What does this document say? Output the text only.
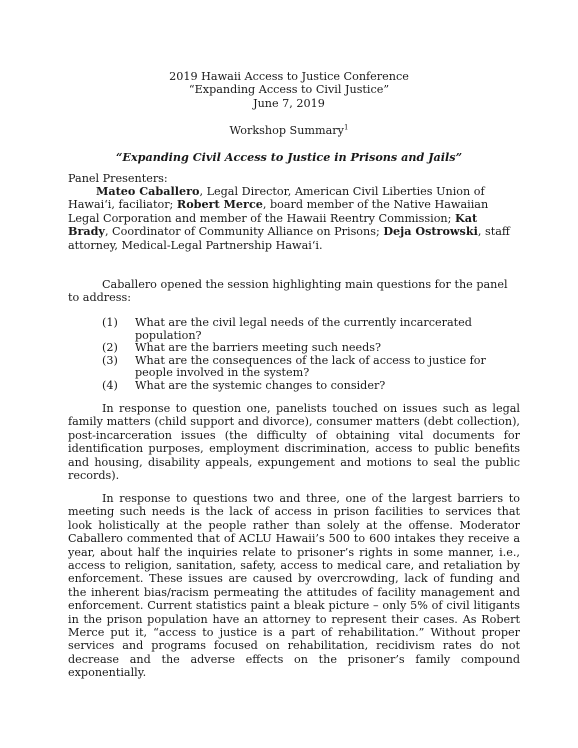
2019 Hawaii Access to Justice Conference
“Expanding Access to Civil Justice”
June 7, 2019
Workshop Summary$^1$
“Expanding Civil Access to Justice in Prisons and Jails”
Panel Presenters:
Mateo Caballero, Legal Director, American Civil Liberties Union of Hawaiʻi, faciliator; Robert Merce, board member of the Native Hawaiian Legal Corporation and member of the Hawaii Reentry Commission; Kat Brady, Coordinator of Community Alliance on Prisons; Deja Ostrowski, staff attorney, Medical-Legal Partnership Hawaiʻi.
Caballero opened the session highlighting main questions for the panel to address:
(1)	What are the civil legal needs of the currently incarcerated population?
(2)	What are the barriers meeting such needs?
(3)	What are the consequences of the lack of access to justice for people involved in the system?
(4)	What are the systemic changes to consider?
In response to question one, panelists touched on issues such as legal family matters (child support and divorce), consumer matters (debt collection), post-incarceration issues (the difficulty of obtaining vital documents for identification purposes, employment discrimination, access to public benefits and housing, disability appeals, expungement and motions to seal the public records).
In response to questions two and three, one of the largest barriers to meeting such needs is the lack of access in prison facilities to services that look holistically at the people rather than solely at the offense. Moderator Caballero commented that of ACLU Hawaii’s 500 to 600 intakes they receive a year, about half the inquiries relate to prisoner’s rights in some manner, i.e., access to religion, sanitation, safety, access to medical care, and retaliation by enforcement. These issues are caused by overcrowding, lack of funding and the inherent bias/racism permeating the attitudes of facility management and enforcement. Current statistics paint a bleak picture – only 5% of civil litigants in the prison population have an attorney to represent their cases. As Robert Merce put it, “access to justice is a part of rehabilitation.” Without proper services and programs focused on rehabilitation, recidivism rates do not decrease and the adverse effects on the prisoner’s family compound exponentially.
